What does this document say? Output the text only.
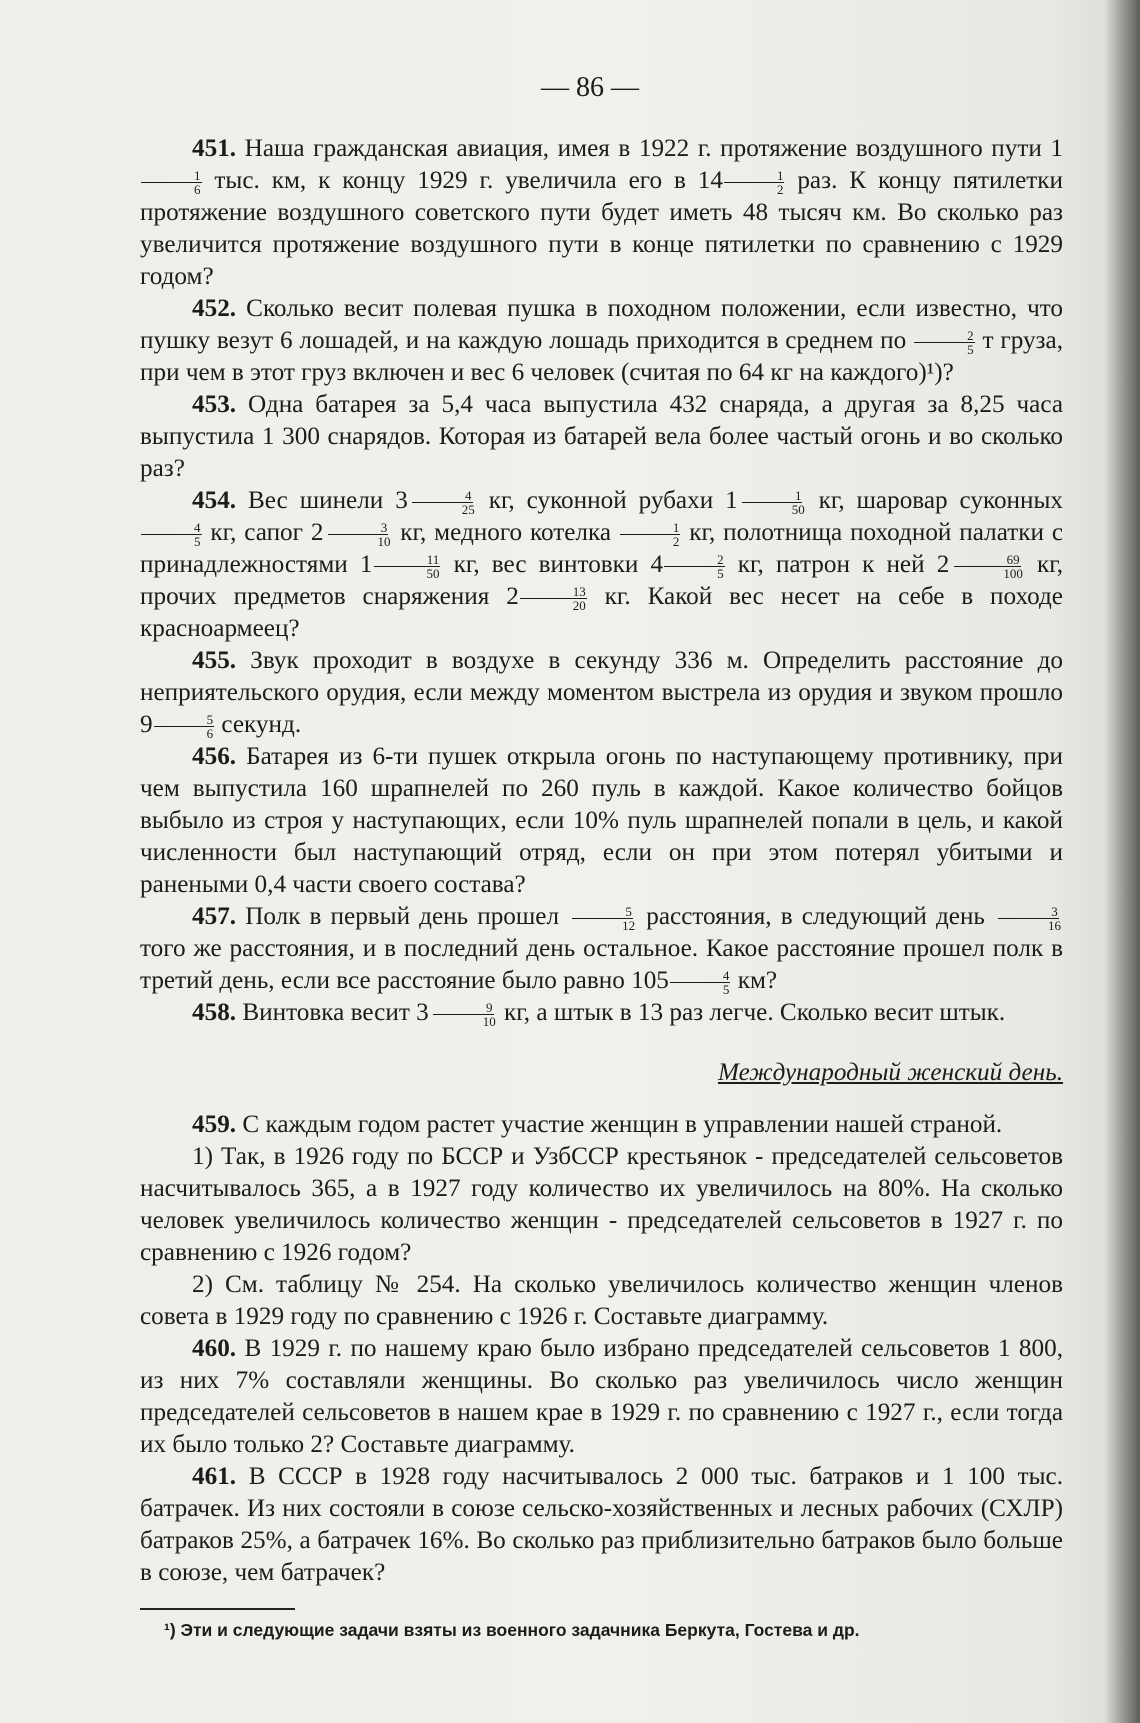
— 86 —

451. Наша гражданская авиация, имея в 1922 г. протяжение воздушного пути 1
$\frac{1}{6}$ тыс. км, к концу 1929 г. увеличила его в $14 \frac{1}{2}$ раз. К концу пятилетки протяжение воздушного советского пути будет иметь 48 тысяч км. Во сколько раз увеличится протяжение воздушного пути в конце пятилетки по сравнению с 1929 годом?

452. Сколько весит полевая пушка в походном положении, если известно, что пушку везут 6 лошадей, и на каждую лошадь приходится в среднем по $\frac{2}{5}$ т груза, при чем в этот груз включен и вес 6 человек (считая по 64 кг на каждого)¹)?

453. Одна батарея за 5,4 часа выпустила 432 снаряда, а другая за 8,25 часа выпустила 1 300 снарядов. Которая из батарей вела более частый огонь и во сколько раз?

454. Вес шинели $3 \frac{4}{25}$ кг, суконной рубахи $1 \frac{1}{50}$ кг, шаровар суконных
$\frac{4}{5}$ кг, сапог $2 \frac{3}{10}$ кг, медного котелка $\frac{1}{2}$ кг, полотнища походной палатки с принадлежностями $1 \frac{11}{50}$ кг, вес винтовки $4 \frac{2}{5}$ кг, патрон к ней $2 \frac{69}{100}$ кг, прочих предметов снаряжения $2 \frac{13}{20}$ кг. Какой вес несет на себе в походе красноармеец?

455. Звук проходит в воздухе в секунду 336 м. Определить расстояние до неприятельского орудия, если между моментом выстрела из орудия и звуком прошло $9 \frac{5}{6}$ секунд.

456. Батарея из 6-ти пушек открыла огонь по наступающему противнику, при чем выпустила 160 шрапнелей по 260 пуль в каждой. Какое количество бойцов выбыло из строя у наступающих, если 10% пуль шрапнелей попали в цель, и какой численности был наступающий отряд, если он при этом потерял убитыми и ранеными 0,4 части своего состава?

457. Полк в первый день прошел $\frac{5}{12}$ расстояния, в следующий день $\frac{3}{16}$
того же расстояния, и в последний день остальное. Какое расстояние прошел полк в третий день, если все расстояние было равно $105 \frac{4}{5}$ км?

458. Винтовка весит $3 \frac{9}{10}$ кг, а штык в 13 раз легче. Сколько весит штык.

Международный женский день.

459. С каждым годом растет участие женщин в управлении нашей страной.

1) Так, в 1926 году по БССР и УзбССР крестьянок - председателей сельсоветов насчитывалось 365, а в 1927 году количество их увеличилось на 80%. На сколько человек увеличилось количество женщин - председателей сельсоветов в 1927 г. по сравнению с 1926 годом?

2) См. таблицу № 254. На сколько увеличилось количество женщин членов совета в 1929 году по сравнению с 1926 г. Составьте диаграмму.

460. В 1929 г. по нашему краю было избрано председателей сельсоветов 1 800, из них 7% составляли женщины. Во сколько раз увеличилось число женщин председателей сельсоветов в нашем крае в 1929 г. по сравнению с 1927 г., если тогда их было только 2? Составьте диаграмму.

461. В СССР в 1928 году насчитывалось 2 000 тыс. батраков и 1 100 тыс. батрачек. Из них состояли в союзе сельско-хозяйственных и лесных рабочих (СХЛР) батраков 25%, а батрачек 16%. Во сколько раз приблизительно батраков было больше в союзе, чем батрачек?

¹) Эти и следующие задачи взяты из военного задачника Беркута, Гостева и др.
